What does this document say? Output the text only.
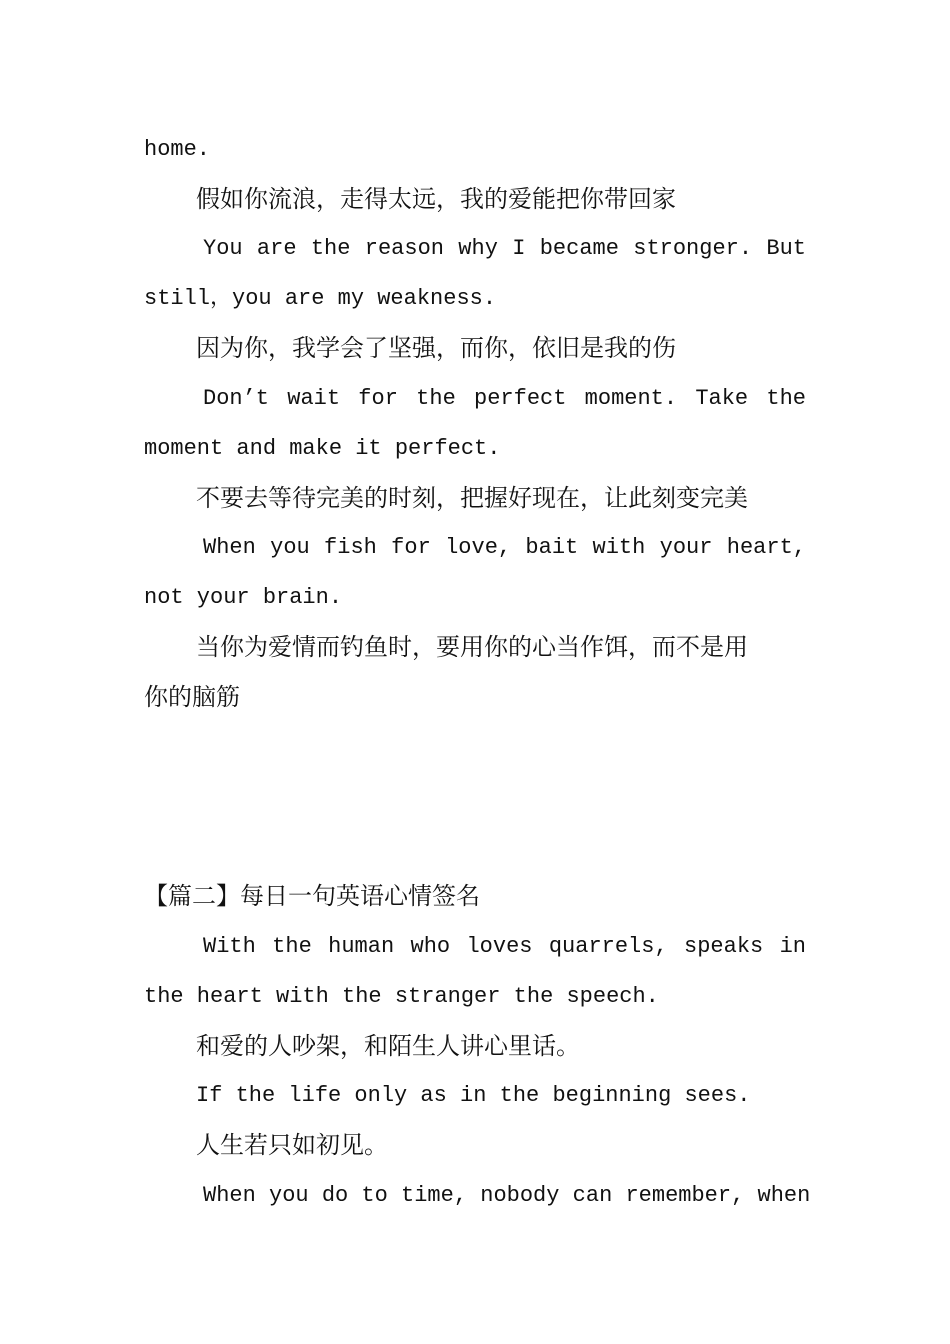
home.
假如你流浪，走得太远，我的爱能把你带回家
You are the reason why I became stronger. But
still，you are my weakness.
因为你，我学会了坚强，而你，依旧是我的伤
Don’t wait for the perfect moment. Take the
moment and make it perfect.
不要去等待完美的时刻，把握好现在，让此刻变完美
When you fish for love, bait with your heart,
not your brain.
当你为爱情而钓鱼时，要用你的心当作饵，而不是用
你的脑筋
【篇二】每日一句英语心情签名
With the human who loves quarrels, speaks in
the heart with the stranger the speech.
和爱的人吵架，和陌生人讲心里话。
If the life only as in the beginning sees.
人生若只如初见。
When you do to time, nobody can remember, when
